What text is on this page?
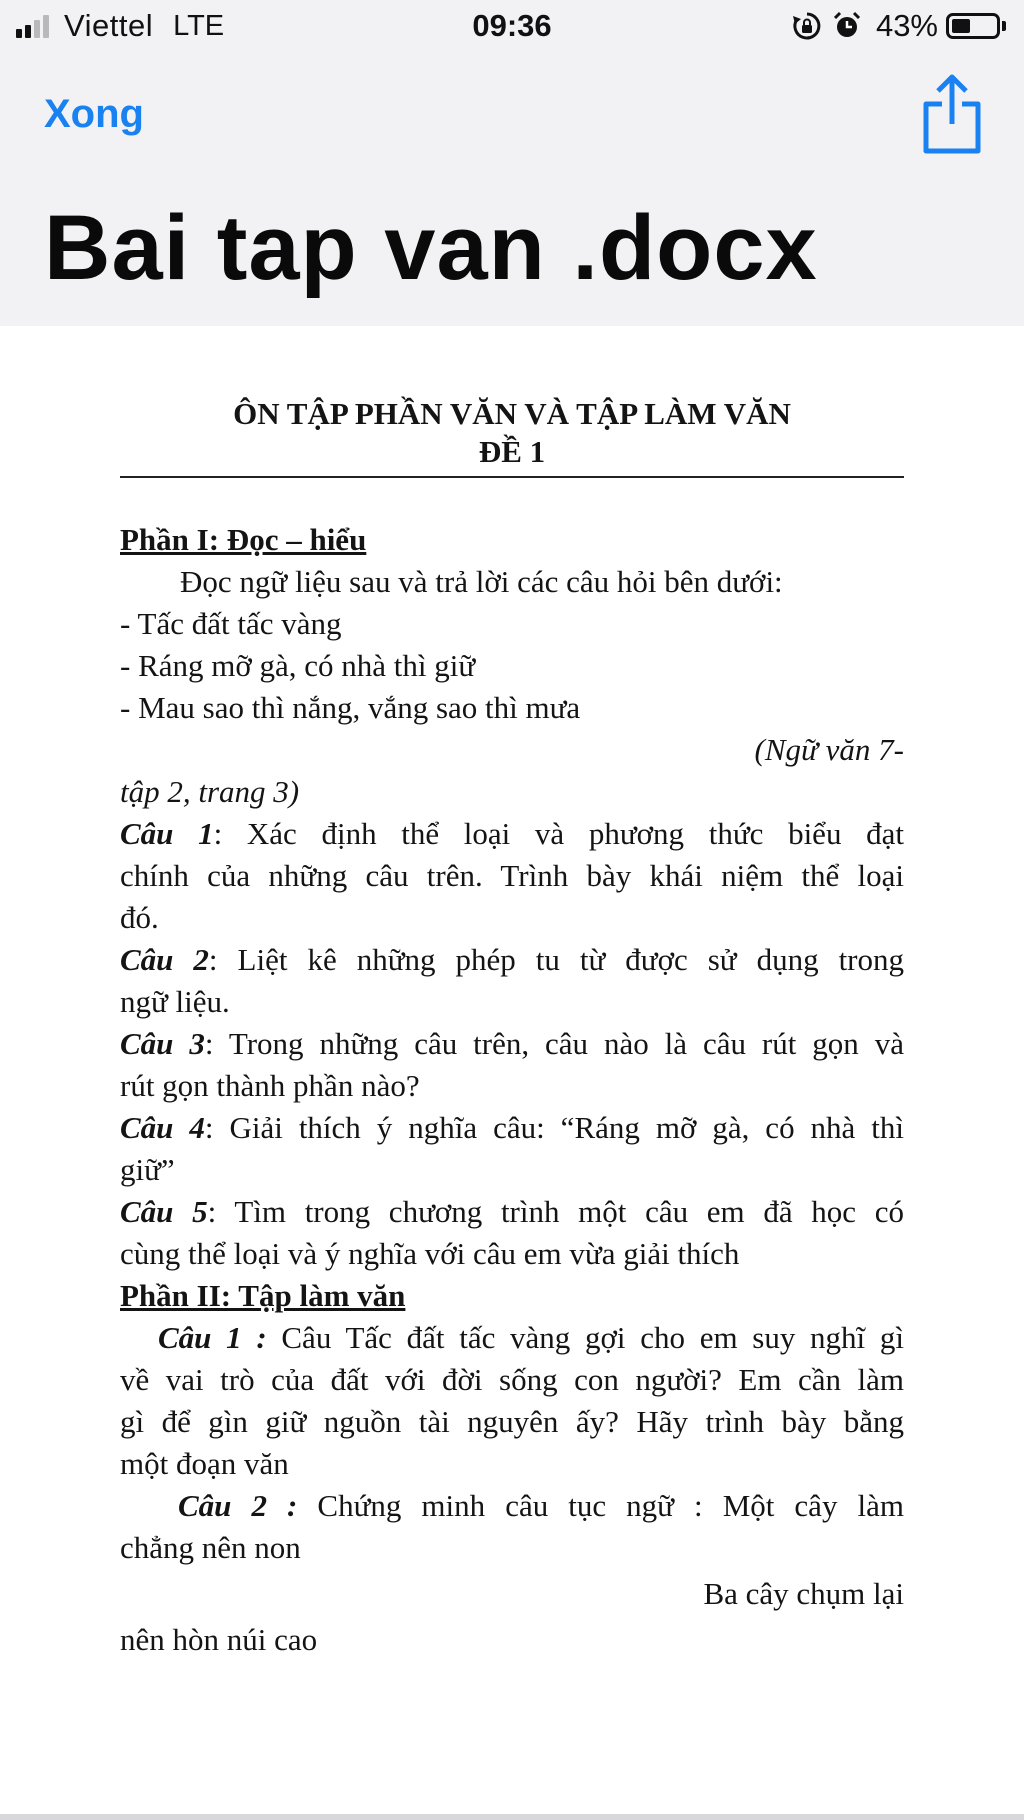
Viettel LTE	09:36	43%
Xong
Bai tap van .docx
ÔN TẬP PHẦN VĂN VÀ TẬP LÀM VĂN
ĐỀ 1
Phần I: Đọc – hiểu
Đọc ngữ liệu sau và trả lời các câu hỏi bên dưới:
- Tấc đất tấc vàng
- Ráng mỡ gà, có nhà thì giữ
- Mau sao thì nắng, vắng sao thì mưa
(Ngữ văn 7-
tập 2, trang 3)
Câu 1: Xác định thể loại và phương thức biểu đạt
chính của những câu trên. Trình bày khái niệm thể loại
đó.
Câu 2: Liệt kê những phép tu từ được sử dụng trong
ngữ liệu.
Câu 3: Trong những câu trên, câu nào là câu rút gọn và
rút gọn thành phần nào?
Câu 4: Giải thích ý nghĩa câu: “Ráng mỡ gà, có nhà thì
giữ”
Câu 5: Tìm trong chương trình một câu em đã học có
cùng thể loại và ý nghĩa với câu em vừa giải thích
Phần II: Tập làm văn
Câu 1 : Câu Tấc đất tấc vàng gợi cho em suy nghĩ gì
về vai trò của đất với đời sống con người? Em cần làm
gì để gìn giữ nguồn tài nguyên ấy? Hãy trình bày bằng
một đoạn văn
Câu 2 : Chứng minh câu tục ngữ : Một cây làm
chẳng nên non
Ba cây chụm lại
nên hòn núi cao
